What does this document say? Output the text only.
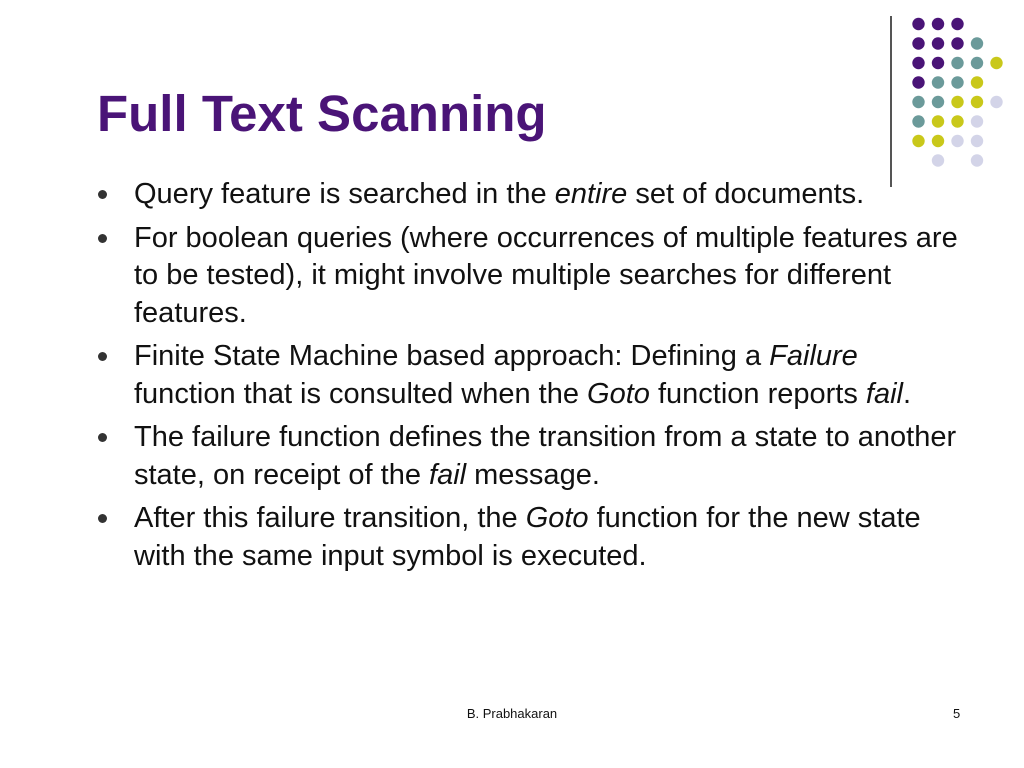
Full Text Scanning
Query feature is searched in the entire set of documents.
For boolean queries (where occurrences of multiple features are to be tested), it might involve multiple searches for different features.
Finite State Machine based approach: Defining a Failure function that is consulted when the Goto function reports fail.
The failure function defines the transition from a state to another state, on receipt of the fail message.
After this failure transition, the Goto function for the new state with the same input symbol is executed.
B. Prabhakaran	5
